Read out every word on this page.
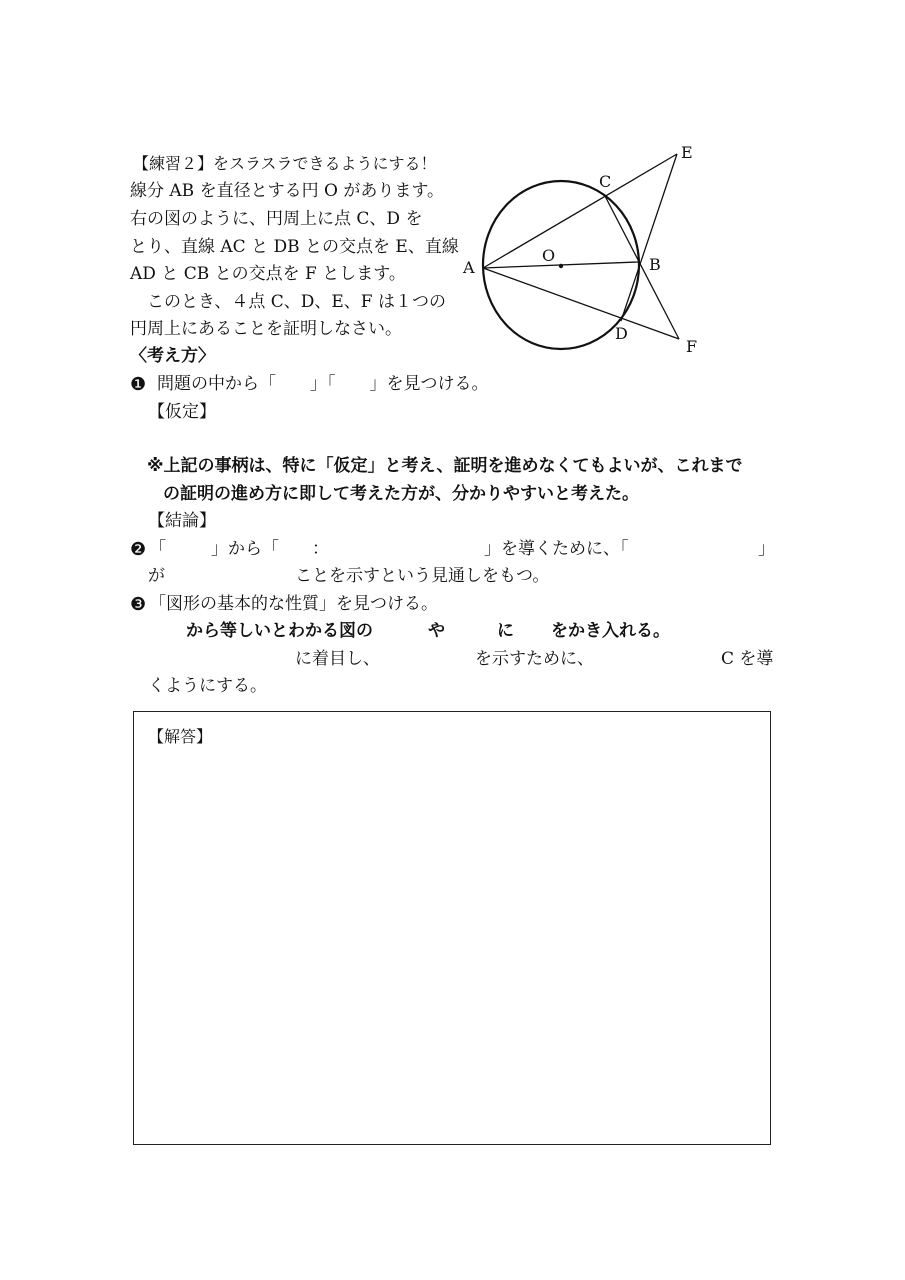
【練習２】をスラスラできるようにする！
線分 AB を直径とする円 O があります。
右の図のように、円周上に点 C、D を
とり、直線 AC と DB との交点を E、直線
AD と CB との交点を F とします。
　このとき、４点 C、D、E、F は１つの
円周上にあることを証明しなさい。
A	B
C
D
E
F
O
〈考え方〉
❶ 問題の中から「　　」「　　」を見つける。
【仮定】
※上記の事柄は、特に「仮定」と考え、証明を進めなくてもよいが、これまで
の証明の進め方に即して考えた方が、分かりやすいと考えた。
【結論】
❷ 「	」から「 ：	」を導くために、「	」
が	ことを示すという見通しをもつ。
❸ 「図形の基本的な性質」を見つける。
から等しいとわかる図の	や	に をかき入れる。
に着目し、	を示すために、	C を導
くようにする。
【解答】
